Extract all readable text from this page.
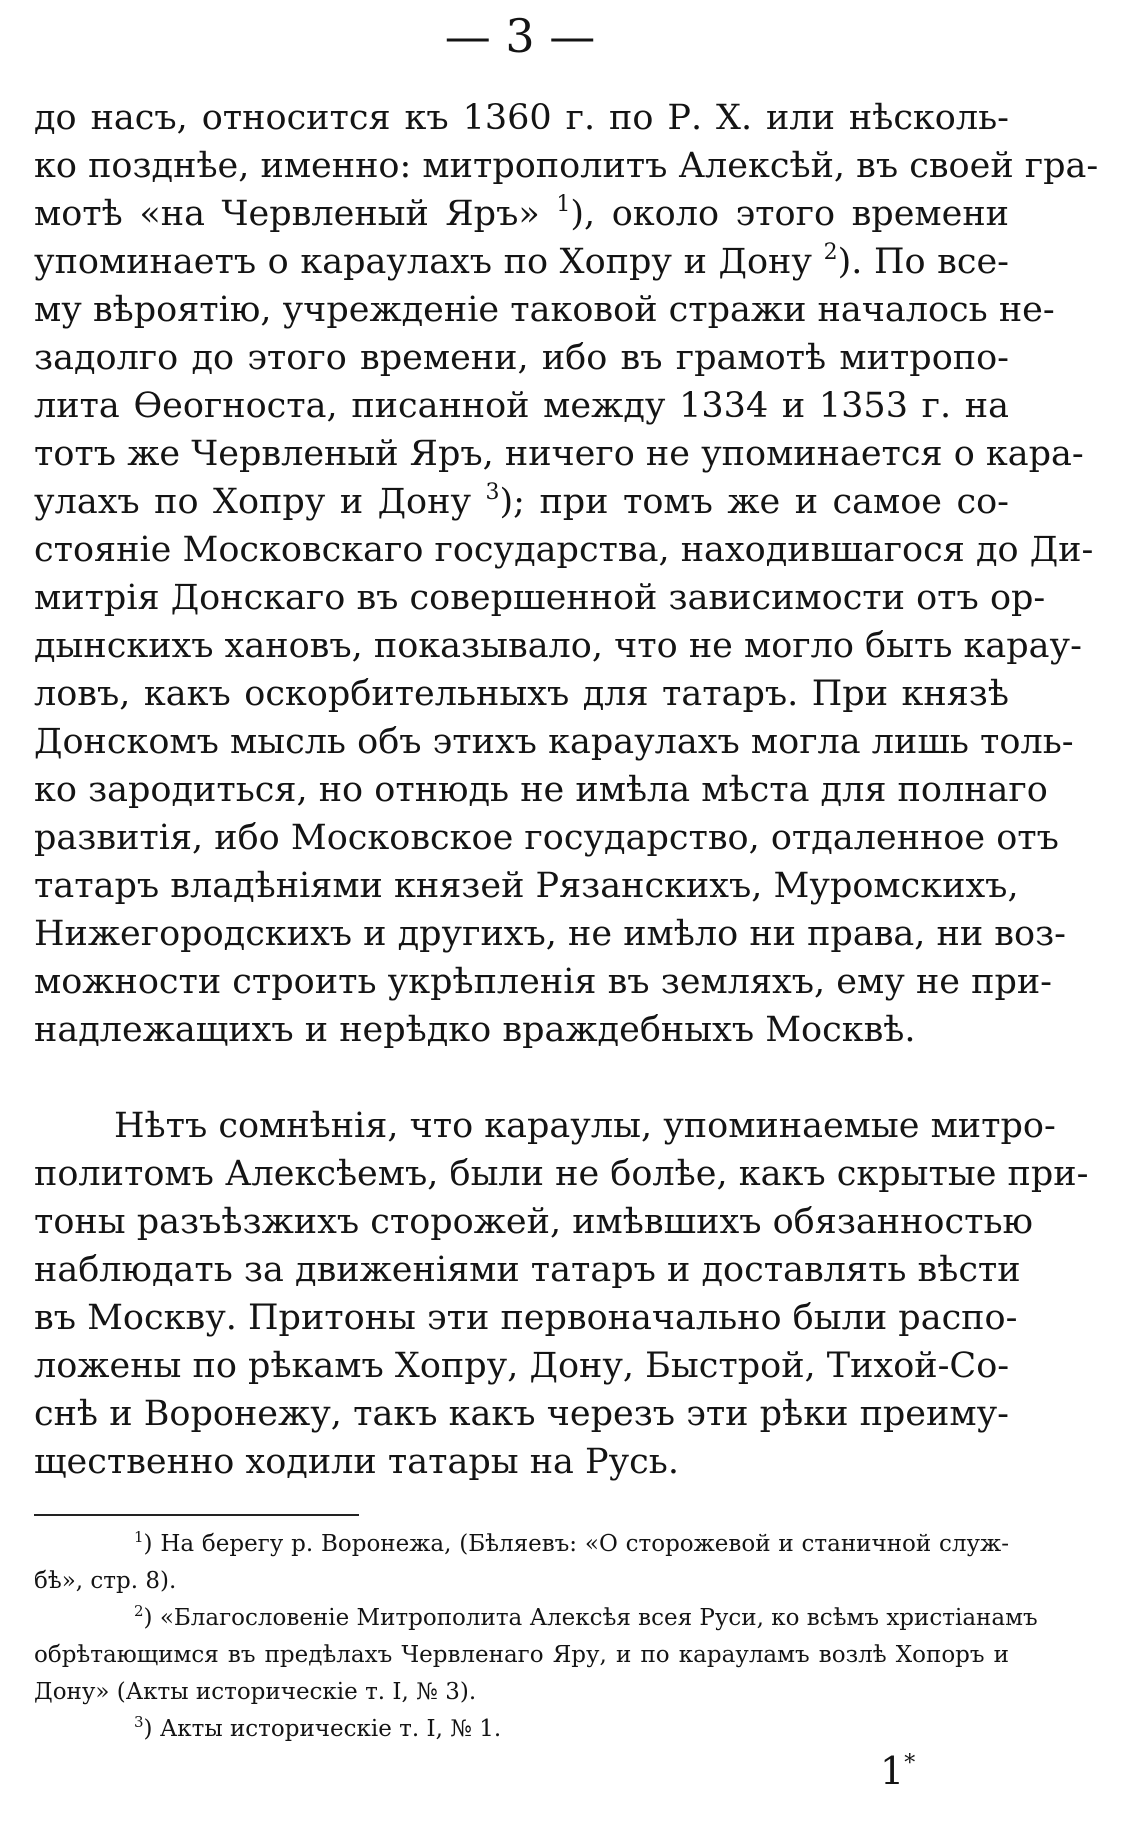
— 3 —
до насъ, относится къ 1360 г. по Р. Х. или нѣсколь-
ко позднѣе, именно: митрополитъ Алексѣй, въ своей гра-
мотѣ «на Червленый Яръ» $^1$), около этого времени
упоминаетъ о караулахъ по Хопру и Дону $^2$). По все-
му вѣроятію, учрежденіе таковой стражи началось не-
задолго до этого времени, ибо въ грамотѣ митропо-
лита Ѳеогноста, писанной между 1334 и 1353 г. на
тотъ же Червленый Яръ, ничего не упоминается о кара-
улахъ по Хопру и Дону $^3$); при томъ же и самое со-
стояніе Московскаго государства, находившагося до Ди-
митрія Донскаго въ совершенной зависимости отъ ор-
дынскихъ хановъ, показывало, что не могло быть карау-
ловъ, какъ оскорбительныхъ для татаръ. При князѣ
Донскомъ мысль объ этихъ караулахъ могла лишь толь-
ко зародиться, но отнюдь не имѣла мѣста для полнаго
развитія, ибо Московское государство, отдаленное отъ
татаръ владѣніями князей Рязанскихъ, Муромскихъ,
Нижегородскихъ и другихъ, не имѣло ни права, ни воз-
можности строить укрѣпленія въ земляхъ, ему не при-
надлежащихъ и нерѣдко враждебныхъ Москвѣ.
Нѣтъ сомнѣнія, что караулы, упоминаемые митро-
политомъ Алексѣемъ, были не болѣе, какъ скрытые при-
тоны разъѣзжихъ сторожей, имѣвшихъ обязанностью
наблюдать за движеніями татаръ и доставлять вѣсти
въ Москву. Притоны эти первоначально были распо-
ложены по рѣкамъ Хопру, Дону, Быстрой, Тихой-Со-
снѣ и Воронежу, такъ какъ черезъ эти рѣки преиму-
щественно ходили татары на Русь.
$^1$) На берегу р. Воронежа, (Бѣляевъ: «О сторожевой и станичной служ-
бѣ», стр. 8).
$^2$) «Благословеніе Митрополита Алексѣя всея Руси, ко всѣмъ христіанамъ
обрѣтающимся въ предѣлахъ Червленаго Яру, и по карауламъ возлѣ Хопоръ и
Дону» (Акты историческіе т. I, № 3).
$^3$) Акты историческіе т. I, № 1.
1*
